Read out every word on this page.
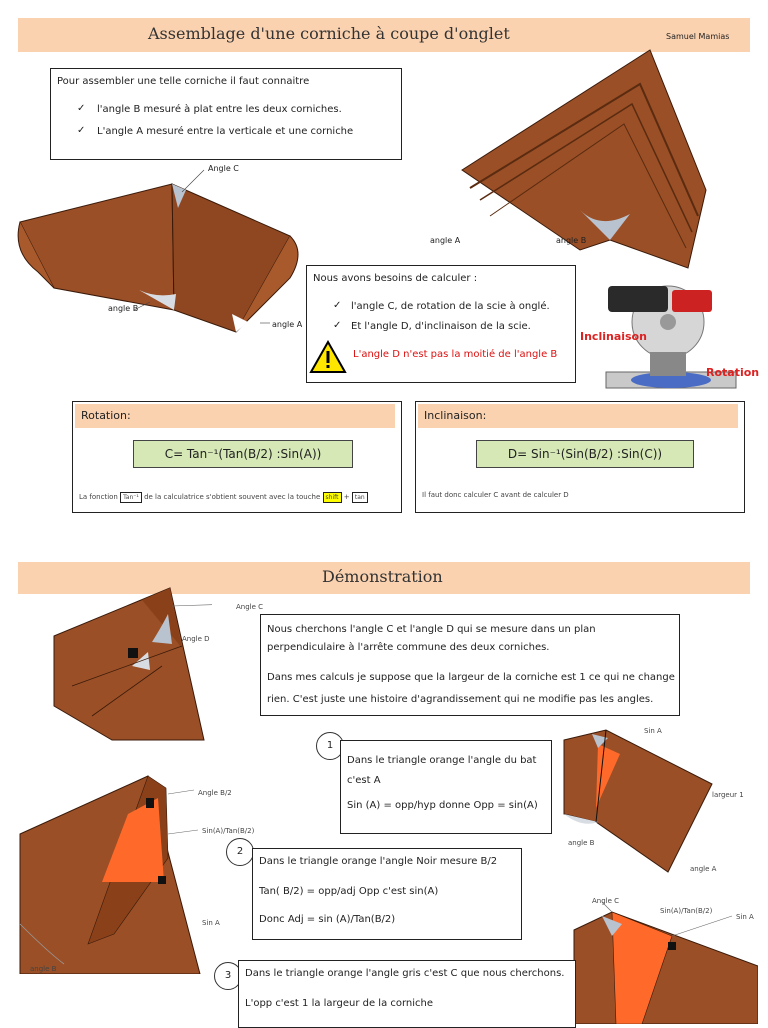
Assemblage d'une corniche à coupe d'onglet	Samuel Mamias
Pour assembler une telle corniche il faut connaitre
✓ l'angle B mesuré à plat entre les deux corniches.
✓ L'angle A mesuré entre la verticale et une corniche
Angle C
angle B
angle A
angle A	angle B
Nous avons besoins de calculer :
✓ l'angle C, de rotation de la scie à onglé.
✓ Et l'angle D, d'inclinaison de la scie.
L'angle D n'est pas la moitié de l'angle B
Inclinaison
Rotation
Rotation:
C= Tan⁻¹(Tan(B/2) :Sin(A))
La fonction Tan⁻¹ de la calculatrice s'obtient souvent avec la touche shift + tan
Inclinaison:
D= Sin⁻¹(Sin(B/2) :Sin(C))
Il faut donc calculer C avant de calculer D
Démonstration
Angle C
Angle D
Nous cherchons l'angle C et l'angle D qui se mesure dans un plan perpendiculaire à l'arrête commune des deux corniches.
Dans mes calculs je suppose que la largeur de la corniche est 1 ce qui ne change rien. C'est juste une histoire d'agrandissement qui ne modifie pas les angles.
1
Dans le triangle orange l'angle du bat c'est A
Sin (A) = opp/hyp donne Opp = sin(A)
Sin A
largeur 1
angle B
angle A
Angle B/2
Sin(A)/Tan(B/2)
Sin A
angle B
2
Dans le triangle orange l'angle Noir mesure B/2
Tan( B/2) = opp/adj Opp c'est sin(A)
Donc Adj = sin (A)/Tan(B/2)
Angle C
Sin(A)/Tan(B/2)
Sin A
3	Dans le triangle orange l'angle gris c'est C que nous cherchons.
L'opp c'est 1 la largeur de la corniche
